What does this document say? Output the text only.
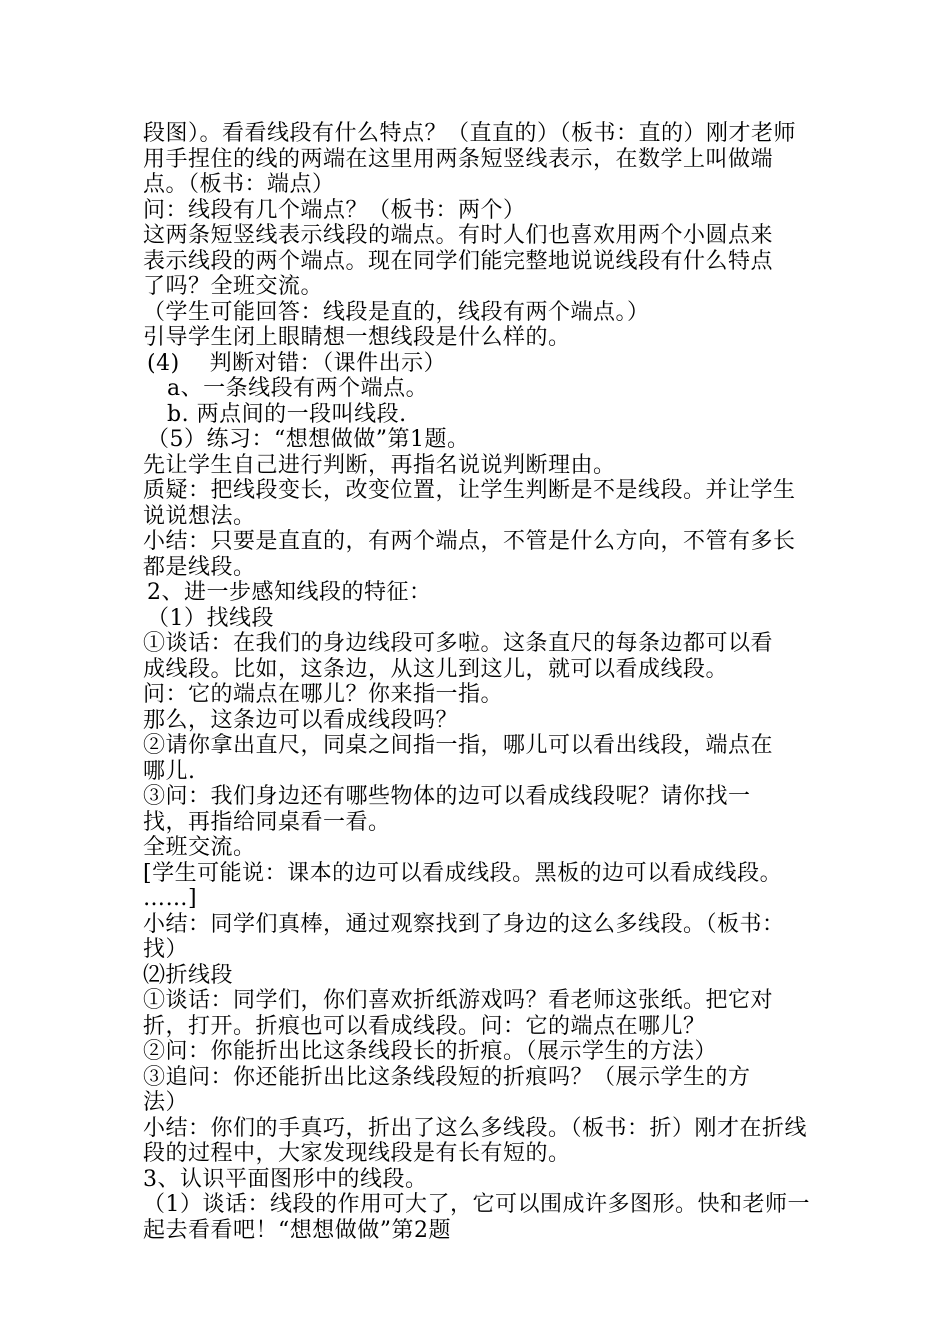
段图）。看看线段有什么特点？（直直的）（板书：直的）刚才老师
用手捏住的线的两端在这里用两条短竖线表示，在数学上叫做端
点。（板书：端点）
问：线段有几个端点？（板书：两个）
这两条短竖线表示线段的端点。有时人们也喜欢用两个小圆点来
表示线段的两个端点。现在同学们能完整地说说线段有什么特点
了吗？全班交流。
（学生可能回答：线段是直的，线段有两个端点。）
引导学生闭上眼睛想一想线段是什么样的。
(4)　 判断对错：（课件出示）
a、一条线段有两个端点。
b. 两点间的一段叫线段.
（5）练习：“想想做做”第1题。
先让学生自己进行判断，再指名说说判断理由。
质疑：把线段变长，改变位置，让学生判断是不是线段。并让学生
说说想法。
小结：只要是直直的，有两个端点，不管是什么方向，不管有多长
都是线段。
2、进一步感知线段的特征：
（1）找线段
①谈话：在我们的身边线段可多啦。这条直尺的每条边都可以看
成线段。比如，这条边，从这儿到这儿，就可以看成线段。
问：它的端点在哪儿？你来指一指。
那么，这条边可以看成线段吗？
②请你拿出直尺，同桌之间指一指，哪儿可以看出线段，端点在
哪儿.
③问：我们身边还有哪些物体的边可以看成线段呢？请你找一
找，再指给同桌看一看。
全班交流。
[学生可能说：课本的边可以看成线段。黑板的边可以看成线段。
……]
小结：同学们真棒，通过观察找到了身边的这么多线段。（板书：
找）
⑵折线段
①谈话：同学们，你们喜欢折纸游戏吗？看老师这张纸。把它对
折，打开。折痕也可以看成线段。问：它的端点在哪儿？
②问：你能折出比这条线段长的折痕。（展示学生的方法）
③追问：你还能折出比这条线段短的折痕吗？（展示学生的方
法）
小结：你们的手真巧，折出了这么多线段。（板书：折）刚才在折线
段的过程中，大家发现线段是有长有短的。
3、认识平面图形中的线段。
（1）谈话：线段的作用可大了，它可以围成许多图形。快和老师一
起去看看吧！“想想做做”第2题
